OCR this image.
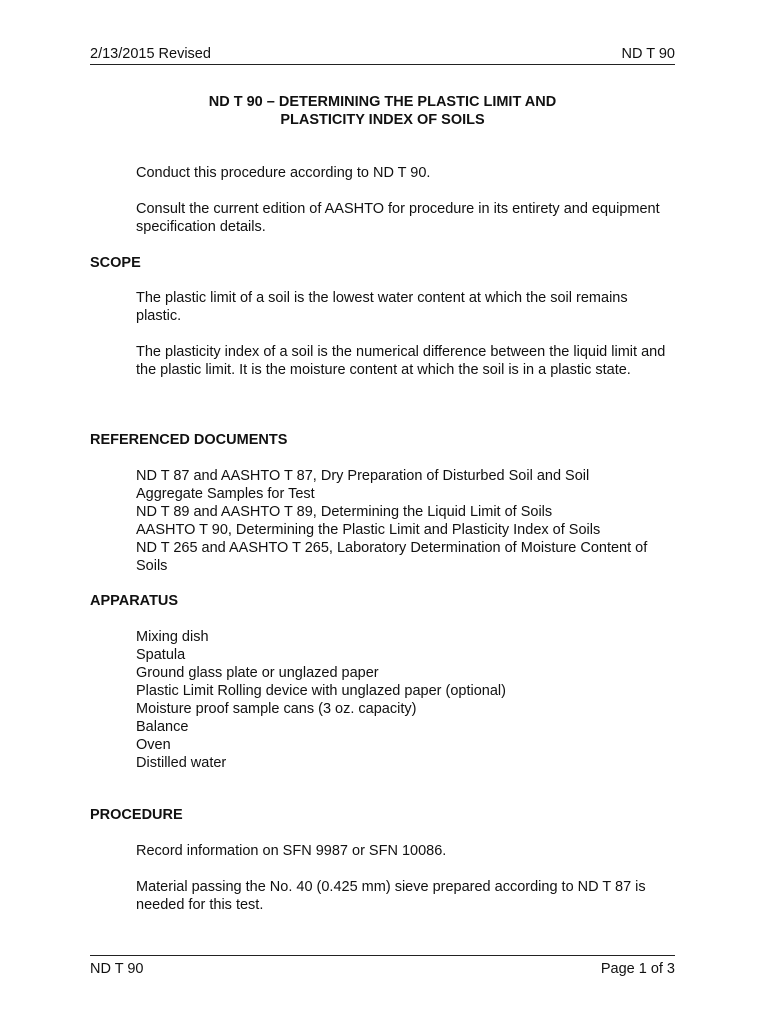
2/13/2015 Revised	ND T 90
ND T 90 – DETERMINING THE PLASTIC LIMIT AND
PLASTICITY INDEX OF SOILS

Conduct this procedure according to ND T 90.

Consult the current edition of AASHTO for procedure in its entirety and equipment specification details.

SCOPE

The plastic limit of a soil is the lowest water content at which the soil remains plastic.

The plasticity index of a soil is the numerical difference between the liquid limit and the plastic limit. It is the moisture content at which the soil is in a plastic state.

REFERENCED DOCUMENTS

ND T 87 and AASHTO T 87, Dry Preparation of Disturbed Soil and Soil
Aggregate Samples for Test
ND T 89 and AASHTO T 89, Determining the Liquid Limit of Soils
AASHTO T 90, Determining the Plastic Limit and Plasticity Index of Soils
ND T 265 and AASHTO T 265, Laboratory Determination of Moisture Content of
Soils

APPARATUS

Mixing dish
Spatula
Ground glass plate or unglazed paper
Plastic Limit Rolling device with unglazed paper (optional)
Moisture proof sample cans (3 oz. capacity)
Balance
Oven
Distilled water

PROCEDURE

Record information on SFN 9987 or SFN 10086.

Material passing the No. 40 (0.425 mm) sieve prepared according to ND T 87 is needed for this test.

ND T 90	Page 1 of 3
